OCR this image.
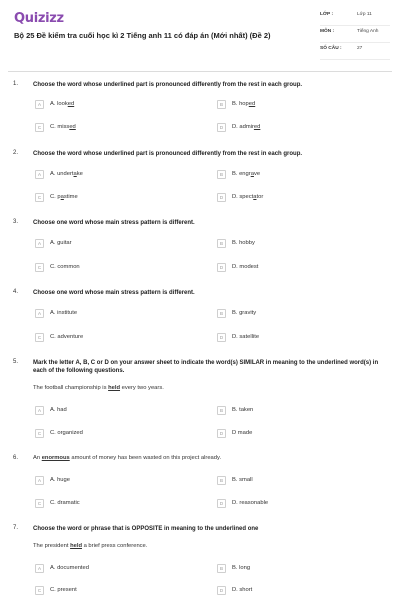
Quizizz
Bộ 25 Đề kiểm tra cuối học kì 2 Tiếng anh 11 có đáp án (Mới nhất) (Đề 2)
LỚP :	Lớp 11
MÔN :	Tiếng Anh
SỐ CÂU :	27
1. Choose the word whose underlined part is pronounced differently from the rest in each group.
A	A. looked	B	B. hoped
C	C. missed	D	D. admired
2. Choose the word whose underlined part is pronounced differently from the rest in each group.
A	A. undertake	B	B. engrave
C	C. pastime	D	D. spectator
3. Choose one word whose main stress pattern is different.
A	A. guitar	B	B. hobby
C	C. common	D	D. modest
4. Choose one word whose main stress pattern is different.
A	A. institute	B	B. gravity
C	C. adventure	D	D. satellite
5. Mark the letter A, B, C or D on your answer sheet to indicate the word(s) SIMILAR in meaning to the underlined word(s) in each of the following questions.
The football championship is held every two years.
A	A. had	B	B. taken
C	C. organized	D	D made
6.	An enormous amount of money has been wasted on this project already.
A	A. huge	B	B. small
C	C. dramatic	D	D. reasonable
7. Choose the word or phrase that is OPPOSITE in meaning to the underlined one
The president held a brief press conference.
A	A. documented	B	B. long
C	C. present	D	D. short
